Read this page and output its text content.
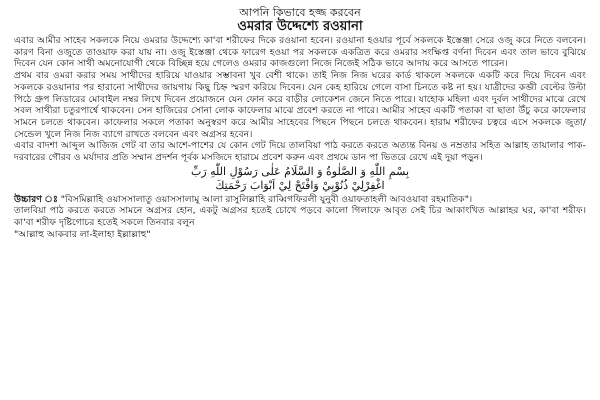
আপনি কিভাবে হজ্জ করবেন
ওমরার উদ্দেশ্যে রওয়ানা

এবার আমীর সাহেব সকলকে নিয়ে ওমরার উদ্দেশ্যে কা'বা শরীফের দিকে রওয়ানা হবেন। রওয়ানা হওয়ার পূর্বে সকলকে ইস্তেঞ্জা সেরে ওজু করে নিতে বলবেন। কারণ বিনা ওজুতে তাওয়াফ করা যায় না। ওজু ইস্তেঞ্জা থেকে ফারেগ হওয়া পর সকলকে একত্রিত করে ওমরার সংক্ষিপ্ত বর্ণনা দিবেন এবং তাল ভাবে বুঝিয়ে দিবেন যেন কোন সাথী অমনোযোগী থেকে বিচ্ছিন্ন হয়ে গেলেও ওমরার কাজগুলো নিজে নিজেই সঠিক ভাবে আদায় করে আসতে পারেন।

প্রথম বার ওমরা করার সময় সাথীদের হারিয়ে যাওয়ার সম্ভাবনা খুব বেশী থাকে। তাই নিজ নিজ ঘরের কার্ড থাকলে সকলকে একটি করে দিয়ে দিবেন এবং সকলকে রওয়ানার পর হারানো সাথীদের জায়গায় কিছু চিহ্ন স্মরণ করিয়ে দিবেন। যেন কেহ হারিয়ে গেলে বাসা চিনতে কষ্ট না হয়। যাত্রীদের কব্জী বেল্টের উল্টা পিঠে গ্রুপ লিডারের মোবাইল নম্বর লিখে দিবেন প্রয়োজনে যেন ফোন করে বাড়ীর লোকেশন জেনে নিতে পারে। যাহোক মহিলা এবং দুর্বল সাথীদের মাঝে রেখে সবল সাথীরা চতুরপার্শ্বে থাকবেন। সেন হাজিরের সোনা লোক কাফেলার মাঝে প্রবেশ করতে না পারে। আমীর সাহেব একটি পতাকা বা ছাতা উঁচু করে কাফেলার সামনে চলতে থাকবেন। কাফেলার সকলে পতাকা অনুস্বরণ করে আমীর সাহেবের পিছনে পিছনে চলতে থাকবেন। হারাম শরীফের চত্বরে এসে সকলকে জুতা/সেন্ডেল খুলে নিজ নিজ ব্যাগে রাখতে বলবেন এবং অগ্রসর হবেন।

এবার বাদশা আব্দুল আজিজ গেট বা তার আশে-পাশের যে কোন গেট দিয়ে তালবিয়া পাঠ করতে করতে অত্যন্ত বিনয় ও নম্রতার সহিত আল্লাহ তায়ালার পাক-দরবারের গৌরব ও মর্যাদার প্রতি সম্মান প্রদর্শন পূর্বক মসজিদে হারামে প্রবেশ করুন এবং প্রথমে ডান পা ভিতরে রেখে এই দুয়া পড়ুন।

بِسْمِ اللّٰهِ وَ الصَّلٰوةُ وَ السَّلَامُ عَلٰى رَسُوْلِ اللّٰهِ رَبِّ
اغْفِرْلِيْ ذُنُوْبِيْ وَافْتَحْ لِيْ اَبْوَابَ رَحْمَتِكَ

উচ্চারণ ঃ "বিসমিল্লাহি ওয়াসসালাতু ওয়াসসালামু আলা রাসুলিল্লাহি রাব্বিগফিরলী যুনুবী ওয়াফতাহলী আবওয়াবা রহমাতিক"।

তালবিয়া পাঠ করতে করতে সামনে অগ্রসর হোন, একটু অগ্রসর হতেই চোখে পড়বে কালো গিলাফে আবৃত সেই চির আকাংখিত আল্লাহর ঘর, কা'বা শরীফ। কা'বা শরীফ দৃষ্টিগোচর হতেই সকলে তিনবার বলুন
"আল্লাহু আকবার লা-ইলাহা ইল্লাল্লাহু"
